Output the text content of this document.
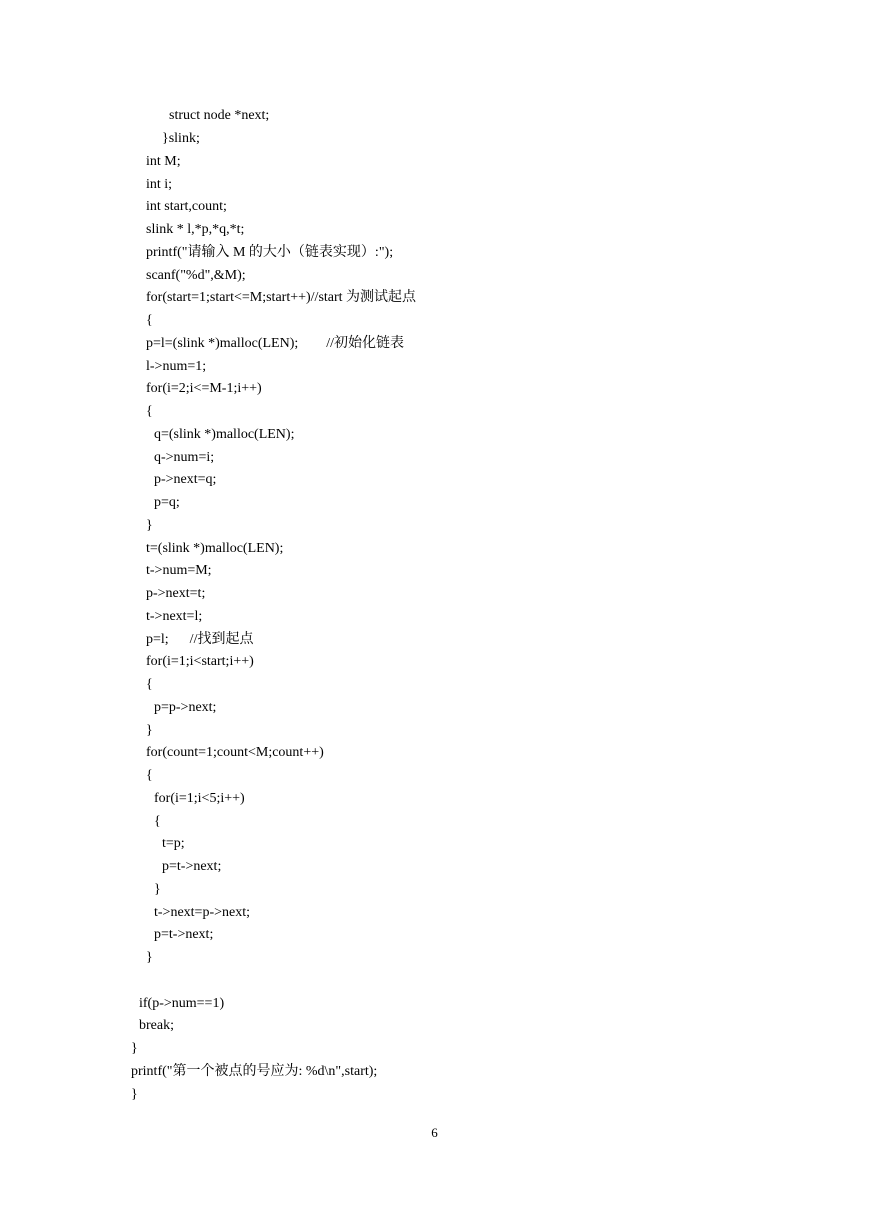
struct node *next;
}slink;
int M;
int i;
int start,count;
slink * l,*p,*q,*t;
printf("请输入 M 的大小（链表实现）:");
scanf("%d",&M);
for(start=1;start<=M;start++)//start 为测试起点
{
p=l=(slink *)malloc(LEN);        //初始化链表
l->num=1;
for(i=2;i<=M-1;i++)
{
q=(slink *)malloc(LEN);
q->num=i;
p->next=q;
p=q;
}
t=(slink *)malloc(LEN);
t->num=M;
p->next=t;
t->next=l;
p=l;      //找到起点
for(i=1;i<start;i++)
{
p=p->next;
}
for(count=1;count<M;count++)
{
for(i=1;i<5;i++)
{
t=p;
p=t->next;
}
t->next=p->next;
p=t->next;
}
if(p->num==1)
break;
}
printf("第一个被点的号应为: %d\n",start);
}
6
